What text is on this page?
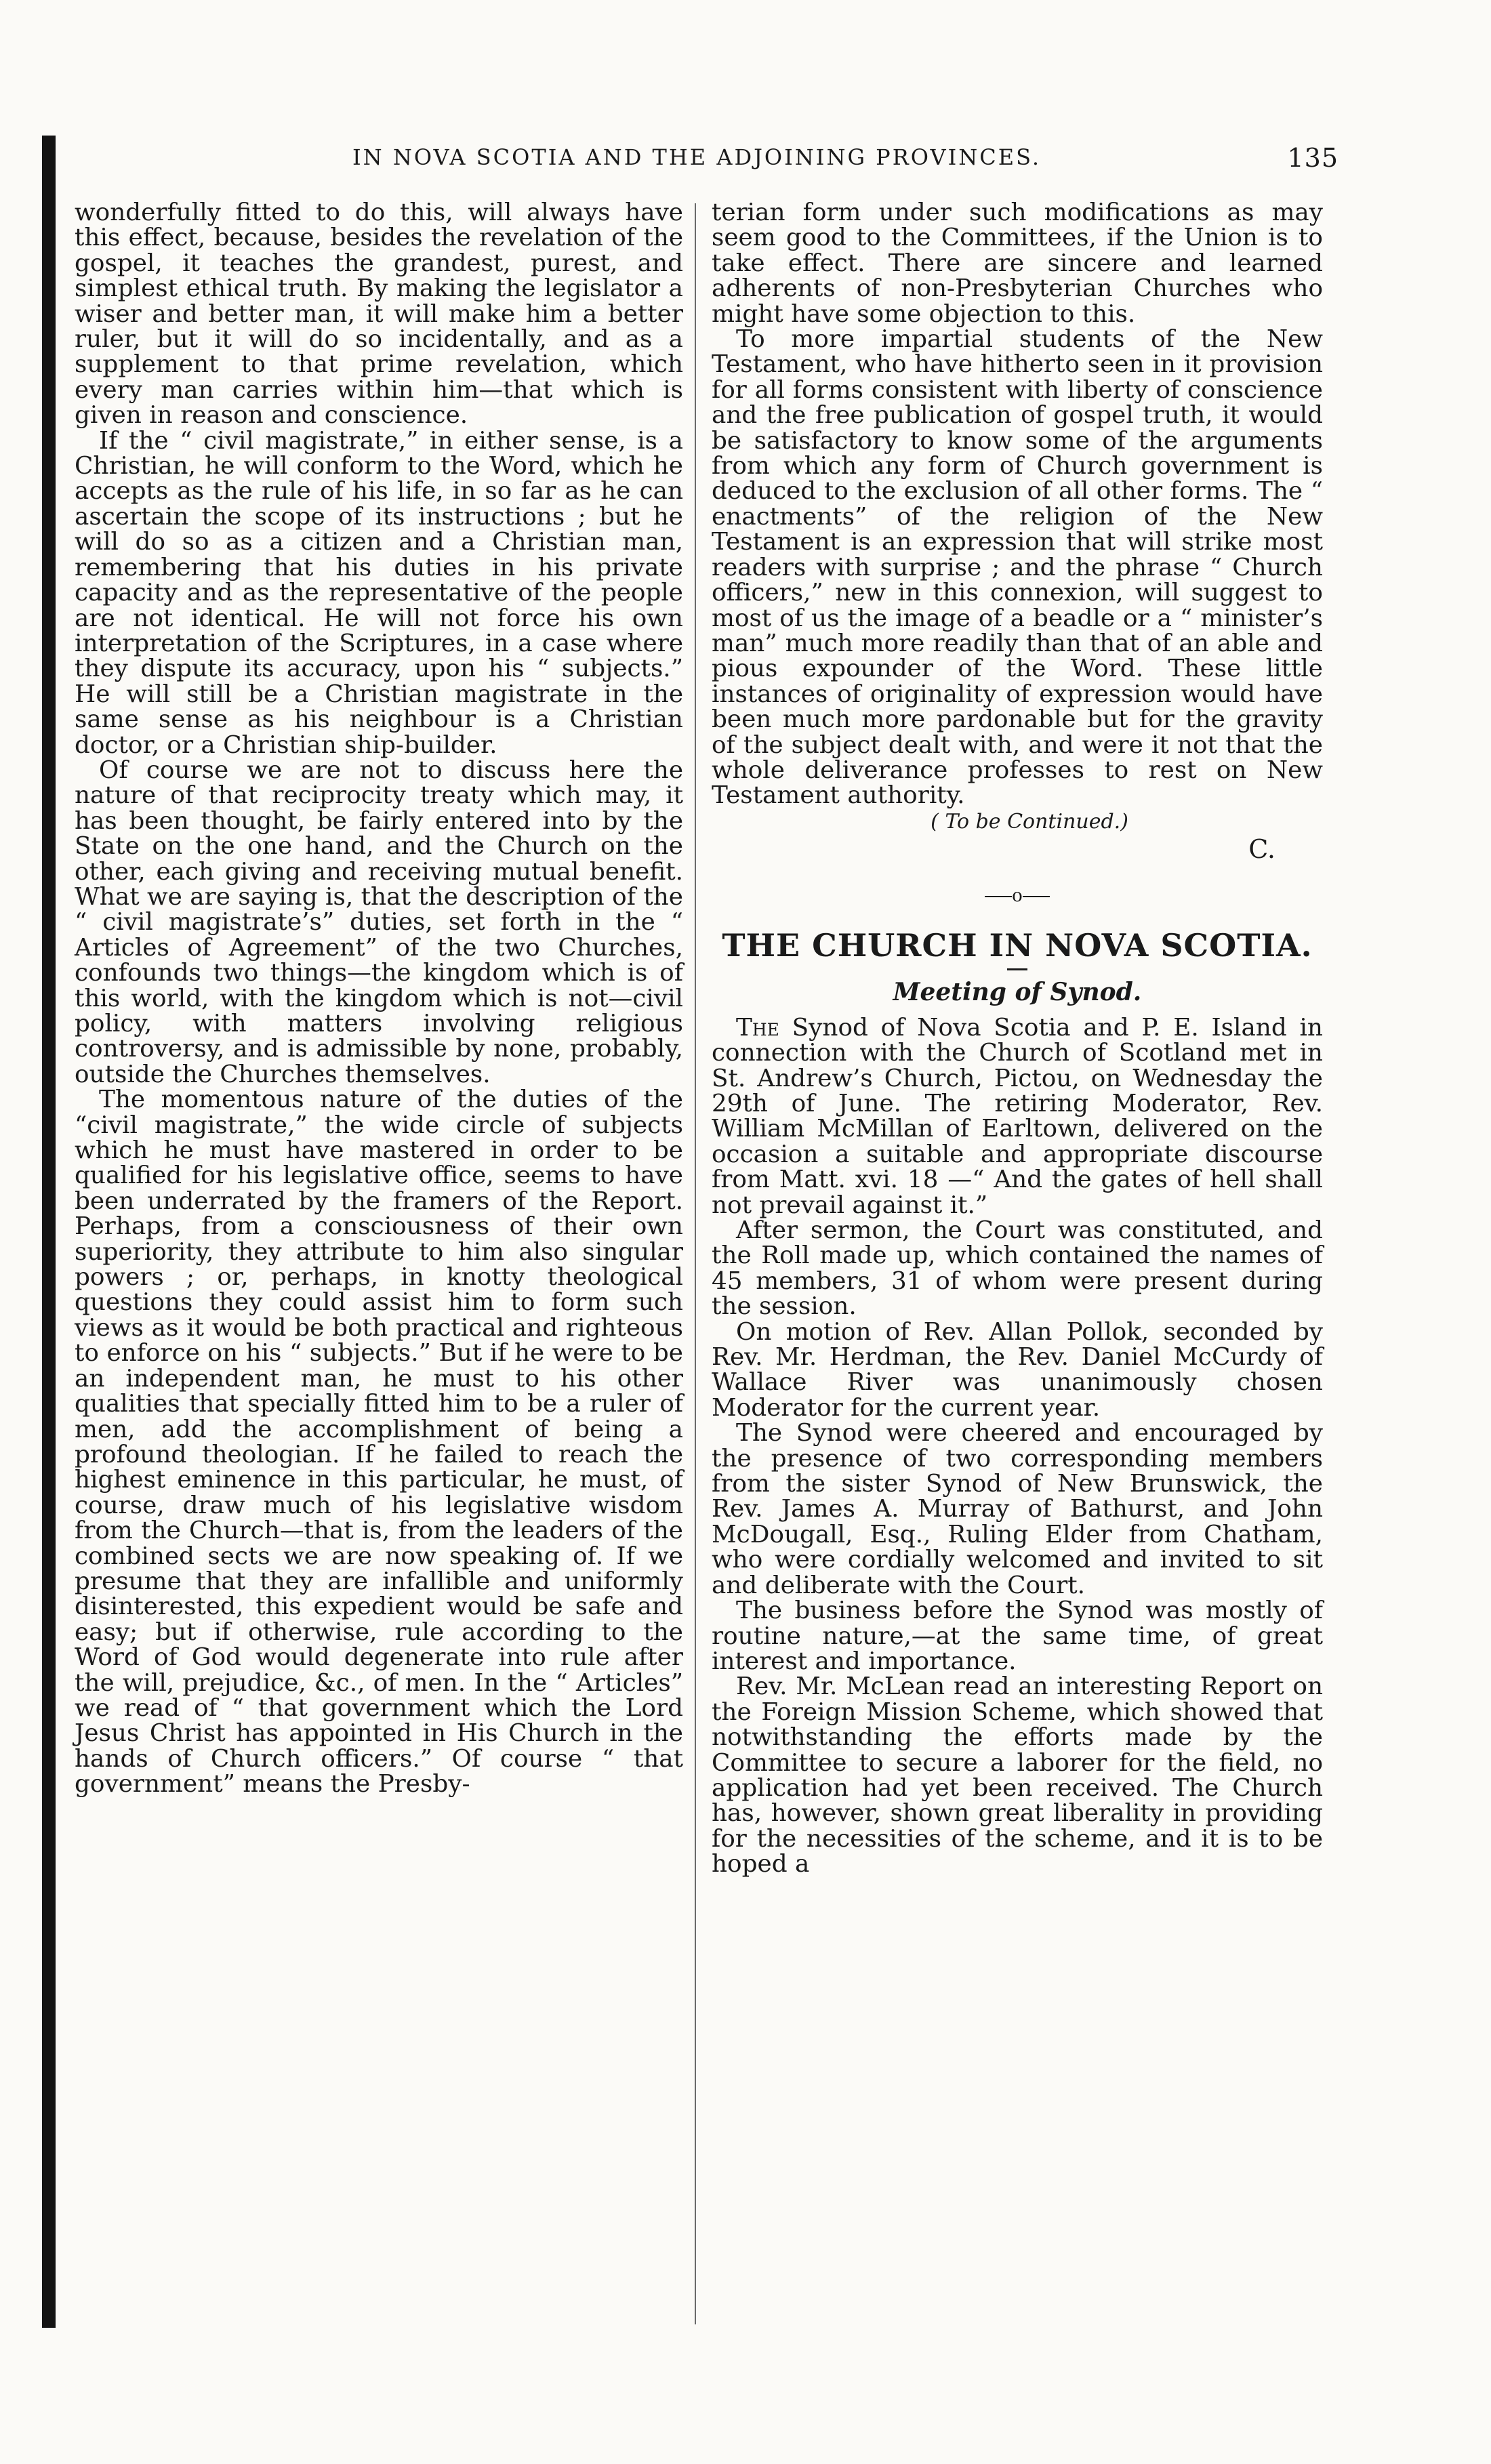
IN NOVA SCOTIA AND THE ADJOINING PROVINCES.	135

wonderfully fitted to do this, will always have this effect, because, besides the revelation of the gospel, it teaches the grandest, purest, and simplest ethical truth. By making the legislator a wiser and better man, it will make him a better ruler, but it will do so incidentally, and as a supplement to that prime revelation, which every man carries within him—that which is given in reason and conscience.

If the “ civil magistrate,” in either sense, is a Christian, he will conform to the Word, which he accepts as the rule of his life, in so far as he can ascertain the scope of its instructions ; but he will do so as a citizen and a Christian man, remembering that his duties in his private capacity and as the representative of the people are not identical. He will not force his own interpretation of the Scriptures, in a case where they dispute its accuracy, upon his “ subjects.” He will still be a Christian magistrate in the same sense as his neighbour is a Christian doctor, or a Christian ship-builder.

Of course we are not to discuss here the nature of that reciprocity treaty which may, it has been thought, be fairly entered into by the State on the one hand, and the Church on the other, each giving and receiving mutual benefit. What we are saying is, that the description of the “ civil magistrate’s” duties, set forth in the “ Articles of Agreement” of the two Churches, confounds two things—the kingdom which is of this world, with the kingdom which is not—civil policy, with matters involving religious controversy, and is admissible by none, probably, outside the Churches themselves.

The momentous nature of the duties of the “civil magistrate,” the wide circle of subjects which he must have mastered in order to be qualified for his legislative office, seems to have been underrated by the framers of the Report. Perhaps, from a consciousness of their own superiority, they attribute to him also singular powers ; or, perhaps, in knotty theological questions they could assist him to form such views as it would be both practical and righteous to enforce on his “ subjects.” But if he were to be an independent man, he must to his other qualities that specially fitted him to be a ruler of men, add the accomplishment of being a profound theologian. If he failed to reach the highest eminence in this particular, he must, of course, draw much of his legislative wisdom from the Church—that is, from the leaders of the combined sects we are now speaking of. If we presume that they are infallible and uniformly disinterested, this expedient would be safe and easy; but if otherwise, rule according to the Word of God would degenerate into rule after the will, prejudice, &c., of men. In the “ Articles” we read of “ that government which the Lord Jesus Christ has appointed in His Church in the hands of Church officers.” Of course “ that government” means the Presby-

terian form under such modifications as may seem good to the Committees, if the Union is to take effect. There are sincere and learned adherents of non-Presbyterian Churches who might have some objection to this.

To more impartial students of the New Testament, who have hitherto seen in it provision for all forms consistent with liberty of conscience and the free publication of gospel truth, it would be satisfactory to know some of the arguments from which any form of Church government is deduced to the exclusion of all other forms. The “ enactments” of the religion of the New Testament is an expression that will strike most readers with surprise ; and the phrase “ Church officers,” new in this connexion, will suggest to most of us the image of a beadle or a “ minister’s man” much more readily than that of an able and pious expounder of the Word. These little instances of originality of expression would have been much more pardonable but for the gravity of the subject dealt with, and were it not that the whole deliverance professes to rest on New Testament authority.

( To be Continued.)

C.

o
THE CHURCH IN NOVA SCOTIA.
Meeting of Synod.

The Synod of Nova Scotia and P. E. Island in connection with the Church of Scotland met in St. Andrew’s Church, Pictou, on Wednesday the 29th of June. The retiring Moderator, Rev. William McMillan of Earltown, delivered on the occasion a suitable and appropriate discourse from Matt. xvi. 18 —“ And the gates of hell shall not prevail against it.”

After sermon, the Court was constituted, and the Roll made up, which contained the names of 45 members, 31 of whom were present during the session.

On motion of Rev. Allan Pollok, seconded by Rev. Mr. Herdman, the Rev. Daniel McCurdy of Wallace River was unanimously chosen Moderator for the current year.

The Synod were cheered and encouraged by the presence of two corresponding members from the sister Synod of New Brunswick, the Rev. James A. Murray of Bathurst, and John McDougall, Esq., Ruling Elder from Chatham, who were cordially welcomed and invited to sit and deliberate with the Court.

The business before the Synod was mostly of routine nature,—at the same time, of great interest and importance.

Rev. Mr. McLean read an interesting Report on the Foreign Mission Scheme, which showed that notwithstanding the efforts made by the Committee to secure a laborer for the field, no application had yet been received. The Church has, however, shown great liberality in providing for the necessities of the scheme, and it is to be hoped a
